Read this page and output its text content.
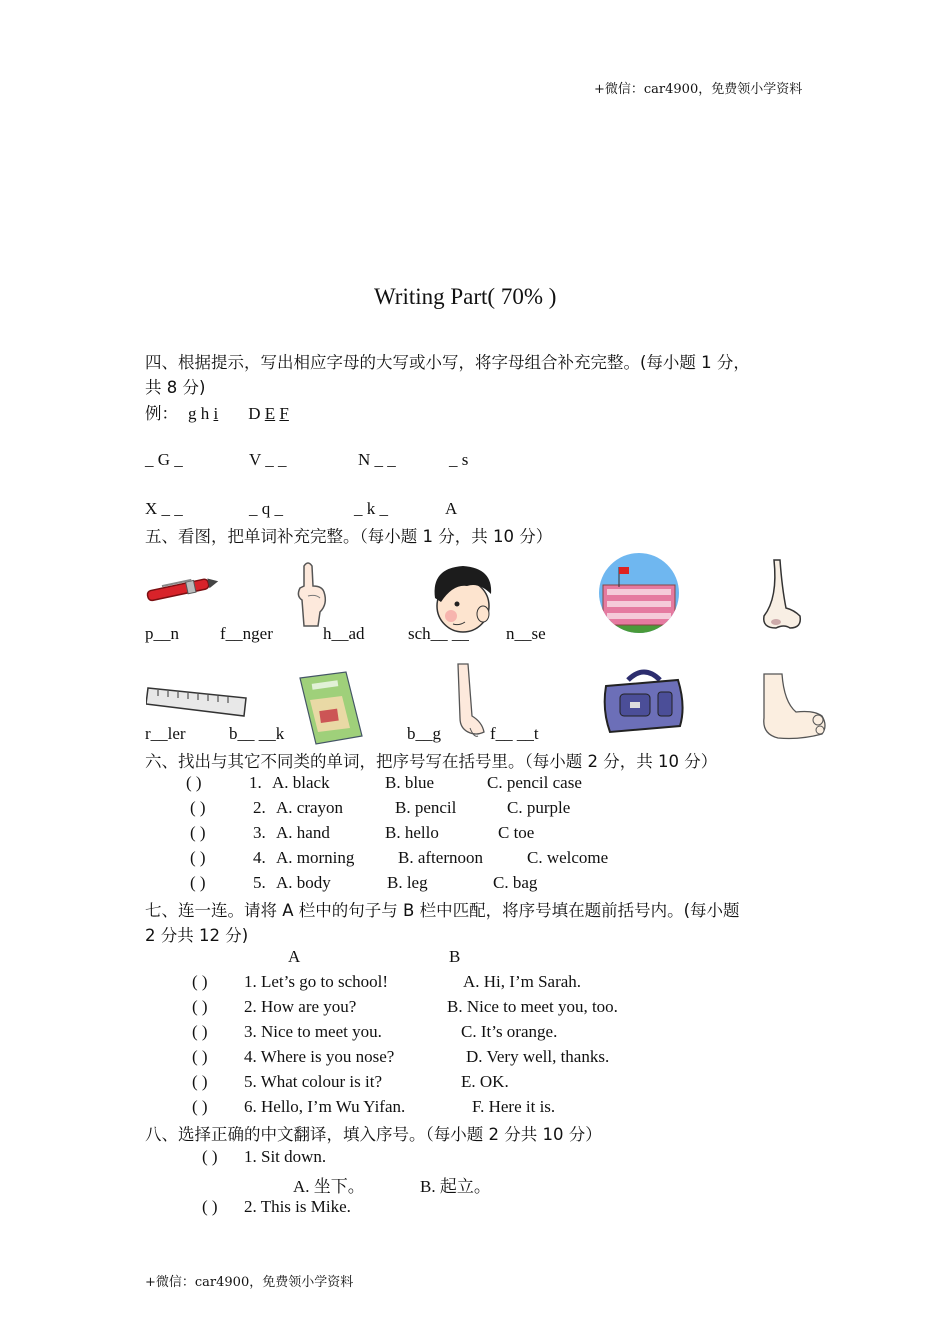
+微信：car4900，免费领小学资料
Writing Part( 70% )
四、根据提示，写出相应字母的大写或小写，将字母组合补充完整。(每小题 1 分，
共 8 分)
例： g h i D E F
_ G _	V _ _	N _ _	_ s
X _ _	_ q _	_ k _	A
五、看图，把单词补充完整。（每小题 1 分，共 10 分）
p__n f__nger	h__ad	sch__ __ n__se
r__ler	b__ __k	b__g	f__ __t
六、找出与其它不同类的单词，把序号写在括号里。（每小题 2 分，共 10 分）
( )	1. A. black	B. blue	C. pencil case
( )	2. A. crayon	B. pencil	C. purple
( )	3. A. hand	B. hello	C toe
( )	4. A. morning	B. afternoon	C. welcome
( )	5. A. body	B. leg	C. bag
七、连一连。请将 A 栏中的句子与 B 栏中匹配，将序号填在题前括号内。(每小题
2 分共 12 分)
A	B
( ) 1. Let’s go to school!	A. Hi, I’m Sarah.
( ) 2. How are you?	B. Nice to meet you, too.
( ) 3. Nice to meet you.	C. It’s orange.
( ) 4. Where is you nose?	D. Very well, thanks.
( ) 5. What colour is it?	E. OK.
( ) 6. Hello, I’m Wu Yifan.	F. Here it is.
八、选择正确的中文翻译，填入序号。（每小题 2 分共 10 分）
( ) 1. Sit down.
A. 坐下。	B. 起立。
( ) 2. This is Mike.
+微信：car4900，免费领小学资料
